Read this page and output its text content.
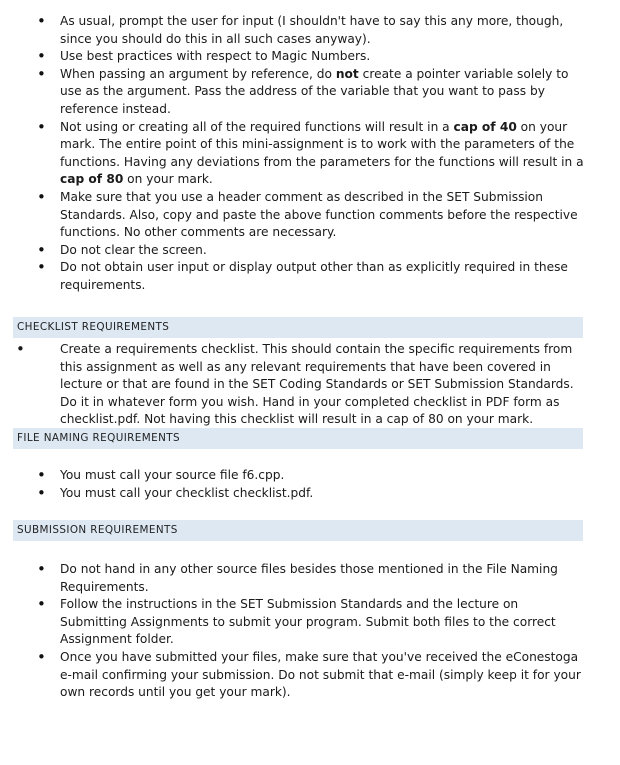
• As usual, prompt the user for input (I shouldn't have to say this any more, though, since you should do this in all such cases anyway).
• Use best practices with respect to Magic Numbers.
• When passing an argument by reference, do not create a pointer variable solely to use as the argument. Pass the address of the variable that you want to pass by reference instead.
• Not using or creating all of the required functions will result in a cap of 40 on your mark. The entire point of this mini-assignment is to work with the parameters of the functions. Having any deviations from the parameters for the functions will result in a cap of 80 on your mark.
• Make sure that you use a header comment as described in the SET Submission Standards. Also, copy and paste the above function comments before the respective functions. No other comments are necessary.
• Do not clear the screen.
• Do not obtain user input or display output other than as explicitly required in these requirements.
CHECKLIST REQUIREMENTS
•	Create a requirements checklist. This should contain the specific requirements from this assignment as well as any relevant requirements that have been covered in lecture or that are found in the SET Coding Standards or SET Submission Standards. Do it in whatever form you wish. Hand in your completed checklist in PDF form as checklist.pdf. Not having this checklist will result in a cap of 80 on your mark.
FILE NAMING REQUIREMENTS
• You must call your source file f6.cpp.
• You must call your checklist checklist.pdf.
SUBMISSION REQUIREMENTS
• Do not hand in any other source files besides those mentioned in the File Naming Requirements.
• Follow the instructions in the SET Submission Standards and the lecture on Submitting Assignments to submit your program. Submit both files to the correct Assignment folder.
• Once you have submitted your files, make sure that you've received the eConestoga e-mail confirming your submission. Do not submit that e-mail (simply keep it for your own records until you get your mark).
